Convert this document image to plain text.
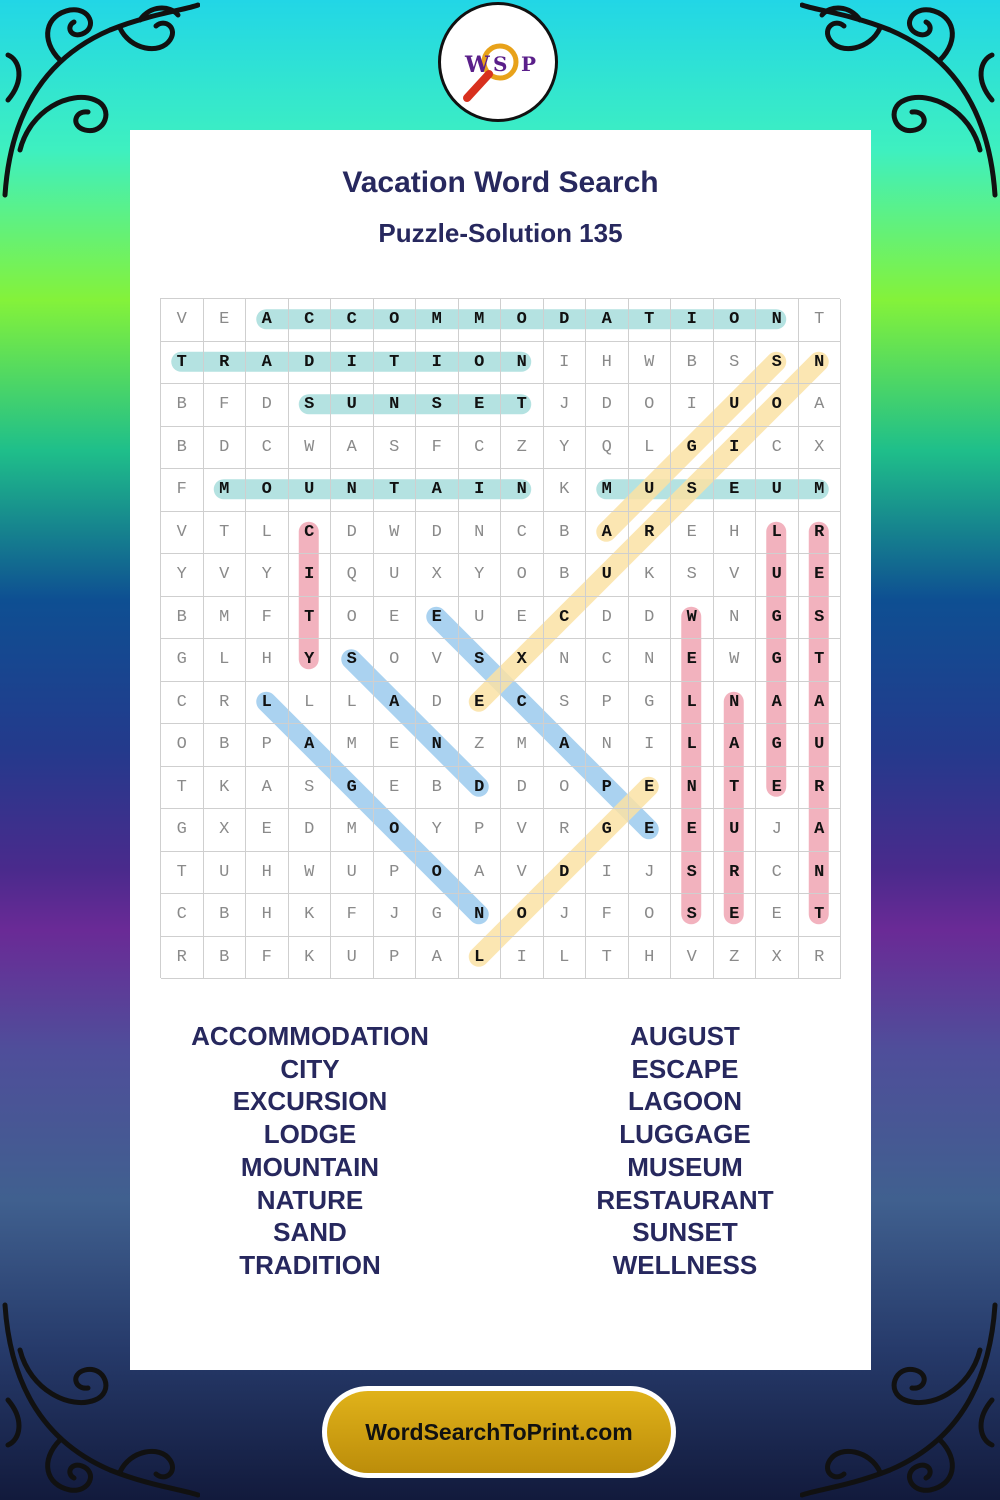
W S P
Vacation Word Search
Puzzle-Solution 135
V	E	A	C	C	O	M	M	O	D	A	T	I	O	N	T
T	R	A	D	I	T	I	O	N	I	H	W	B	S	S	N
B	F	D	S	U	N	S	E	T	J	D	O	I	U	O	A
B	D	C	W	A	S	F	C	Z	Y	Q	L	G	I	C	X
F	M	O	U	N	T	A	I	N	K	M	U	S	E	U	M
V	T	L	C	D	W	D	N	C	B	A	R	E	H	L	R
Y	V	Y	I	Q	U	X	Y	O	B	U	K	S	V	U	E
B	M	F	T	O	E	E	U	E	C	D	D	W	N	G	S
G	L	H	Y	S	O	V	S	X	N	C	N	E	W	G	T
C	R	L	L	L	A	D	E	C	S	P	G	L	N	A	A
O	B	P	A	M	E	N	Z	M	A	N	I	L	A	G	U
T	K	A	S	G	E	B	D	D	O	P	E	N	T	E	R
G	X	E	D	M	O	Y	P	V	R	G	E	E	U	J	A
T	U	H	W	U	P	O	A	V	D	I	J	S	R	C	N
C	B	H	K	F	J	G	N	O	J	F	O	S	E	E	T
R	B	F	K	U	P	A	L	I	L	T	H	V	Z	X	R
ACCOMMODATION
CITY
EXCURSION
LODGE
MOUNTAIN
NATURE
SAND
TRADITION
AUGUST
ESCAPE
LAGOON
LUGGAGE
MUSEUM
RESTAURANT
SUNSET
WELLNESS
WordSearchToPrint.com
